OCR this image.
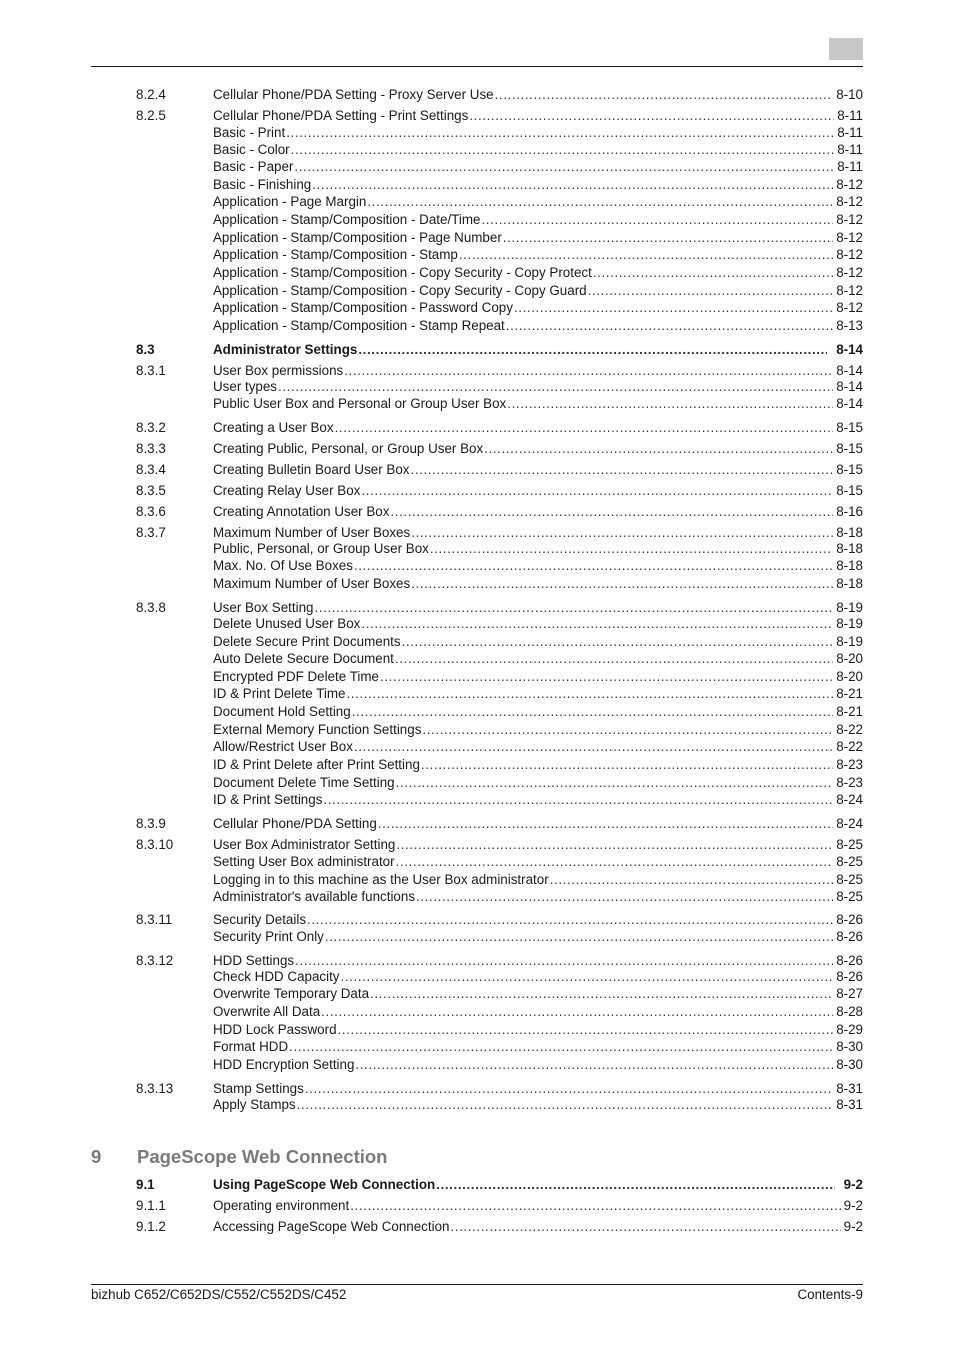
8.2.4	Cellular Phone/PDA Setting - Proxy Server Use .....	8-10
8.2.5	Cellular Phone/PDA Setting - Print Settings .....	8-11
Basic - Print .....	8-11
Basic - Color .....	8-11
Basic - Paper .....	8-11
Basic - Finishing .....	8-12
Application - Page Margin .....	8-12
Application - Stamp/Composition - Date/Time .....	8-12
Application - Stamp/Composition - Page Number .....	8-12
Application - Stamp/Composition - Stamp .....	8-12
Application - Stamp/Composition - Copy Security - Copy Protect .....	8-12
Application - Stamp/Composition - Copy Security - Copy Guard .....	8-12
Application - Stamp/Composition - Password Copy .....	8-12
Application - Stamp/Composition - Stamp Repeat .....	8-13
8.3	Administrator Settings .....	8-14
8.3.1	User Box permissions .....	8-14
User types .....	8-14
Public User Box and Personal or Group User Box .....	8-14
8.3.2	Creating a User Box .....	8-15
8.3.3	Creating Public, Personal, or Group User Box .....	8-15
8.3.4	Creating Bulletin Board User Box .....	8-15
8.3.5	Creating Relay User Box .....	8-15
8.3.6	Creating Annotation User Box .....	8-16
8.3.7	Maximum Number of User Boxes .....	8-18
Public, Personal, or Group User Box .....	8-18
Max. No. Of Use Boxes .....	8-18
Maximum Number of User Boxes .....	8-18
8.3.8	User Box Setting .....	8-19
Delete Unused User Box .....	8-19
Delete Secure Print Documents .....	8-19
Auto Delete Secure Document .....	8-20
Encrypted PDF Delete Time .....	8-20
ID & Print Delete Time .....	8-21
Document Hold Setting .....	8-21
External Memory Function Settings .....	8-22
Allow/Restrict User Box .....	8-22
ID & Print Delete after Print Setting .....	8-23
Document Delete Time Setting .....	8-23
ID & Print Settings .....	8-24
8.3.9	Cellular Phone/PDA Setting .....	8-24
8.3.10	User Box Administrator Setting .....	8-25
Setting User Box administrator .....	8-25
Logging in to this machine as the User Box administrator .....	8-25
Administrator's available functions .....	8-25
8.3.11	Security Details .....	8-26
Security Print Only .....	8-26
8.3.12	HDD Settings .....	8-26
Check HDD Capacity .....	8-26
Overwrite Temporary Data .....	8-27
Overwrite All Data .....	8-28
HDD Lock Password .....	8-29
Format HDD .....	8-30
HDD Encryption Setting .....	8-30
8.3.13	Stamp Settings .....	8-31
Apply Stamps .....	8-31
9 PageScope Web Connection
9.1	Using PageScope Web Connection .....	9-2
9.1.1	Operating environment .....	9-2
9.1.2	Accessing PageScope Web Connection .....	9-2
bizhub C652/C652DS/C552/C552DS/C452	Contents-9
